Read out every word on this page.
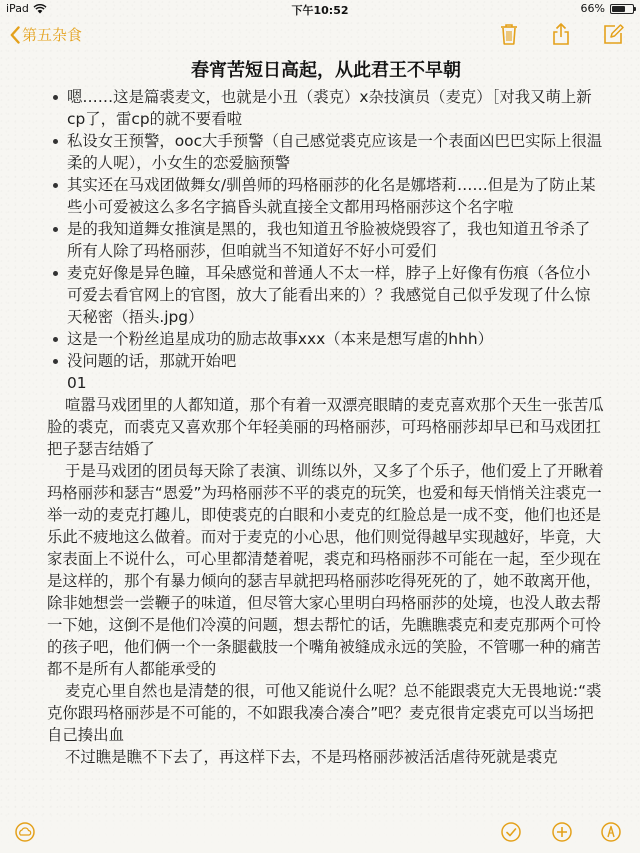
iPad	下午10:52	66%
第五杂食
春宵苦短日高起，从此君王不早朝
嗯……这是篇裘麦文，也就是小丑（裘克）x杂技演员（麦克）［对我又萌上新cp了，雷cp的就不要看啦
私设女王预警，ooc大手预警（自己感觉裘克应该是一个表面凶巴巴实际上很温柔的人呢），小女生的恋爱脑预警
其实还在马戏团做舞女/驯兽师的玛格丽莎的化名是娜塔莉……但是为了防止某些小可爱被这么多名字搞昏头就直接全文都用玛格丽莎这个名字啦
是的我知道舞女推演是黑的，我也知道丑爷脸被烧毁容了，我也知道丑爷杀了所有人除了玛格丽莎，但咱就当不知道好不好小可爱们
麦克好像是异色瞳，耳朵感觉和普通人不太一样，脖子上好像有伤痕（各位小可爱去看官网上的官图，放大了能看出来的）？我感觉自己似乎发现了什么惊天秘密（捂头.jpg）
这是一个粉丝追星成功的励志故事xxx（本来是想写虐的hhh）
没问题的话，那就开始吧

01

喧嚣马戏团里的人都知道，那个有着一双漂亮眼睛的麦克喜欢那个天生一张苦瓜脸的裘克，而裘克又喜欢那个年轻美丽的玛格丽莎，可玛格丽莎却早已和马戏团扛把子瑟吉结婚了

于是马戏团的团员每天除了表演、训练以外，又多了个乐子，他们爱上了开瞅着玛格丽莎和瑟吉“恩爱”为玛格丽莎不平的裘克的玩笑，也爱和每天悄悄关注裘克一举一动的麦克打趣儿，即使裘克的白眼和小麦克的红脸总是一成不变，他们也还是乐此不疲地这么做着。而对于麦克的小心思，他们则觉得越早实现越好，毕竟，大家表面上不说什么，可心里都清楚着呢，裘克和玛格丽莎不可能在一起，至少现在是这样的，那个有暴力倾向的瑟吉早就把玛格丽莎吃得死死的了，她不敢离开他，除非她想尝一尝鞭子的味道，但尽管大家心里明白玛格丽莎的处境，也没人敢去帮一下她，这倒不是他们冷漠的问题，想去帮忙的话，先瞧瞧裘克和麦克那两个可怜的孩子吧，他们俩一个一条腿截肢一个嘴角被缝成永远的笑脸，不管哪一种的痛苦都不是所有人都能承受的

麦克心里自然也是清楚的很，可他又能说什么呢？总不能跟裘克大无畏地说:“裘克你跟玛格丽莎是不可能的，不如跟我凑合凑合”吧？麦克很肯定裘克可以当场把自己揍出血

不过瞧是瞧不下去了，再这样下去，不是玛格丽莎被活活虐待死就是裘克
